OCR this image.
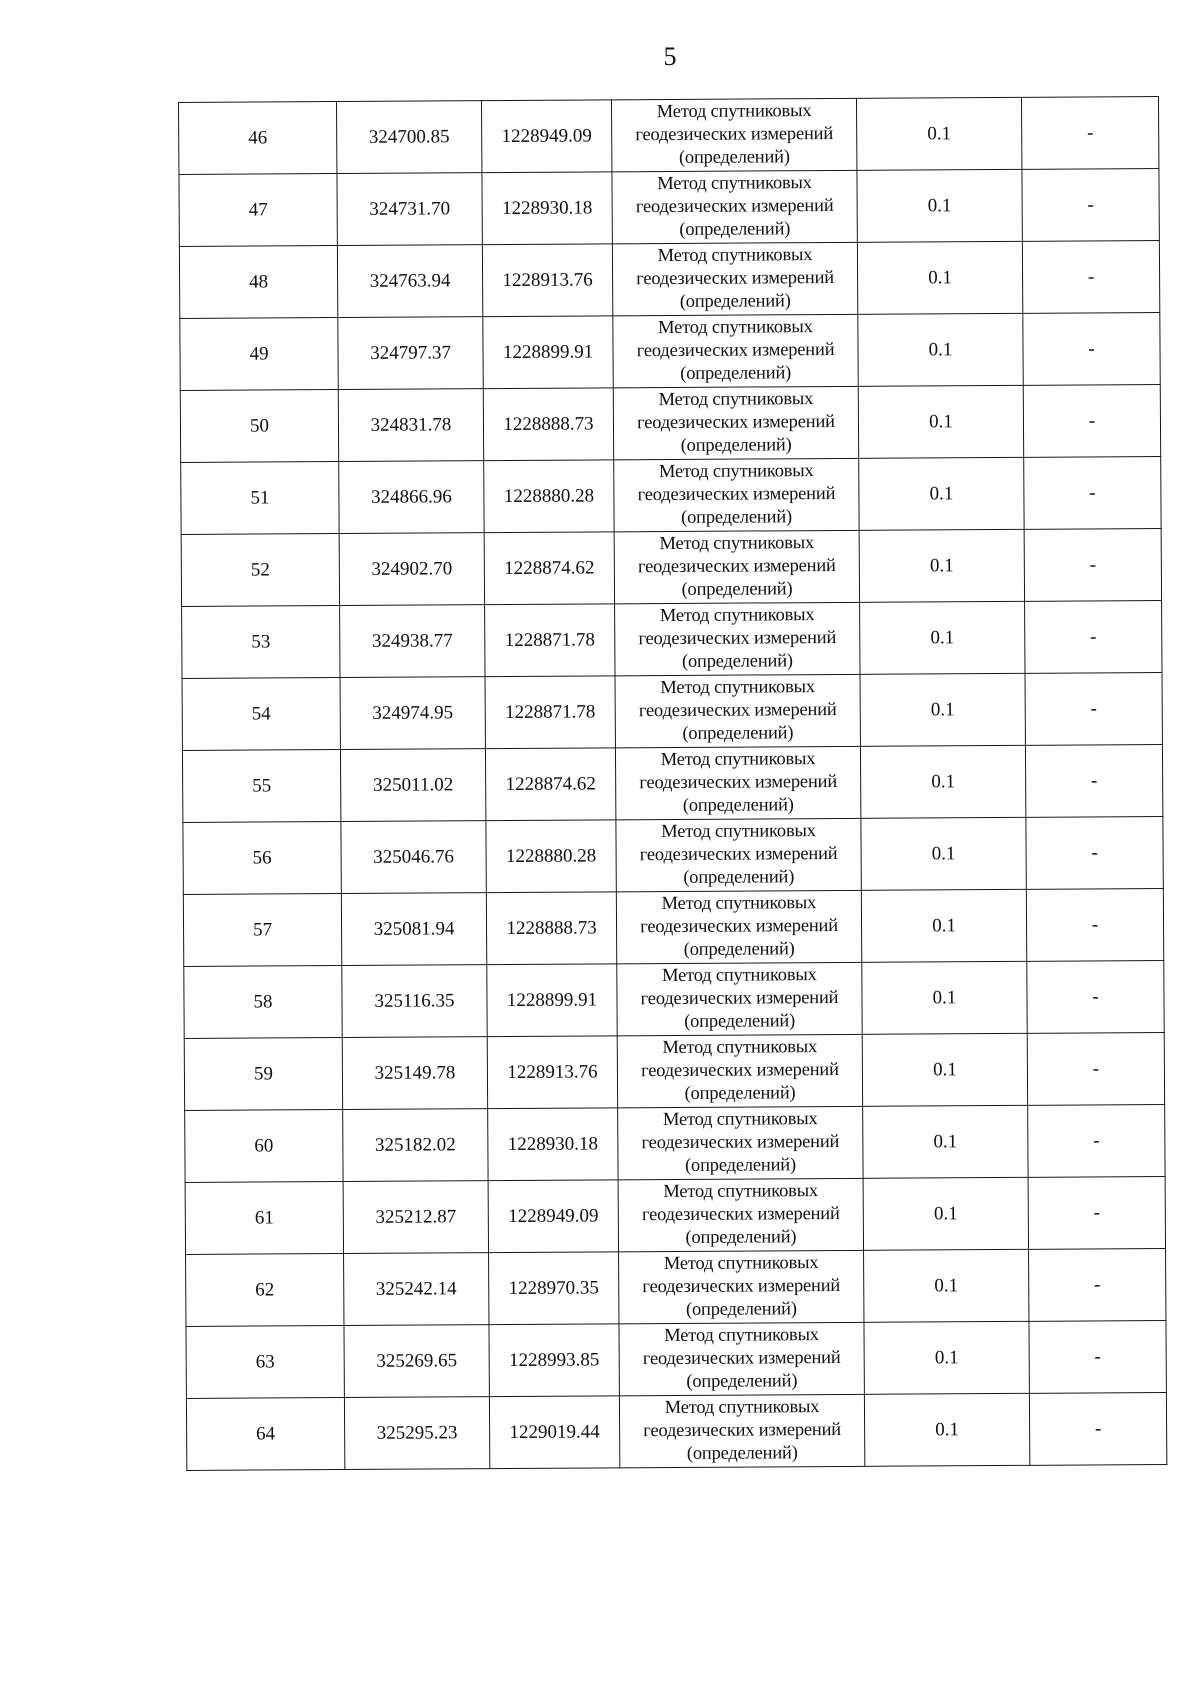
5
46	324700.85	1228949.09	Метод спутниковых
геодезических измерений
(определений)	0.1	-
47	324731.70	1228930.18	Метод спутниковых
геодезических измерений
(определений)	0.1	-
48	324763.94	1228913.76	Метод спутниковых
геодезических измерений
(определений)	0.1	-
49	324797.37	1228899.91	Метод спутниковых
геодезических измерений
(определений)	0.1	-
50	324831.78	1228888.73	Метод спутниковых
геодезических измерений
(определений)	0.1	-
51	324866.96	1228880.28	Метод спутниковых
геодезических измерений
(определений)	0.1	-
52	324902.70	1228874.62	Метод спутниковых
геодезических измерений
(определений)	0.1	-
53	324938.77	1228871.78	Метод спутниковых
геодезических измерений
(определений)	0.1	-
54	324974.95	1228871.78	Метод спутниковых
геодезических измерений
(определений)	0.1	-
55	325011.02	1228874.62	Метод спутниковых
геодезических измерений
(определений)	0.1	-
56	325046.76	1228880.28	Метод спутниковых
геодезических измерений
(определений)	0.1	-
57	325081.94	1228888.73	Метод спутниковых
геодезических измерений
(определений)	0.1	-
58	325116.35	1228899.91	Метод спутниковых
геодезических измерений
(определений)	0.1	-
59	325149.78	1228913.76	Метод спутниковых
геодезических измерений
(определений)	0.1	-
60	325182.02	1228930.18	Метод спутниковых
геодезических измерений
(определений)	0.1	-
61	325212.87	1228949.09	Метод спутниковых
геодезических измерений
(определений)	0.1	-
62	325242.14	1228970.35	Метод спутниковых
геодезических измерений
(определений)	0.1	-
63	325269.65	1228993.85	Метод спутниковых
геодезических измерений
(определений)	0.1	-
64	325295.23	1229019.44	Метод спутниковых
геодезических измерений
(определений)	0.1	-
